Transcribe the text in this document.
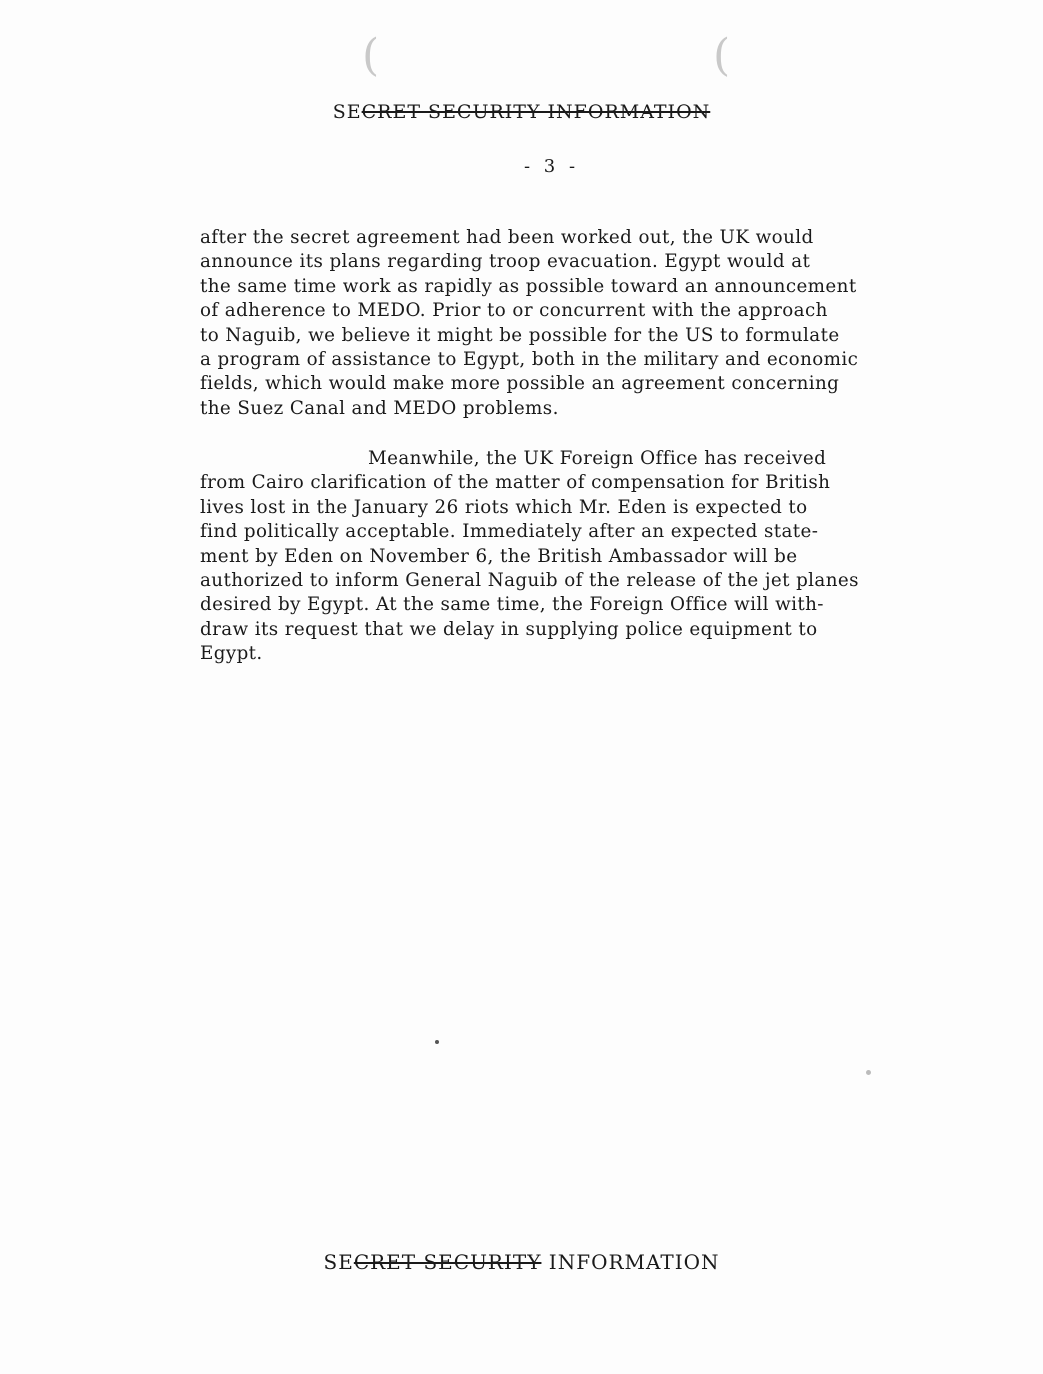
(	(
SECRET SECURITY INFORMATION
- 3 -
after the secret agreement had been worked out, the UK would
announce its plans regarding troop evacuation. Egypt would at
the same time work as rapidly as possible toward an announcement
of adherence to MEDO. Prior to or concurrent with the approach
to Naguib, we believe it might be possible for the US to formulate
a program of assistance to Egypt, both in the military and economic
fields, which would make more possible an agreement concerning
the Suez Canal and MEDO problems.
Meanwhile, the UK Foreign Office has received
from Cairo clarification of the matter of compensation for British
lives lost in the January 26 riots which Mr. Eden is expected to
find politically acceptable. Immediately after an expected state-
ment by Eden on November 6, the British Ambassador will be
authorized to inform General Naguib of the release of the jet planes
desired by Egypt. At the same time, the Foreign Office will with-
draw its request that we delay in supplying police equipment to
Egypt.
SECRET SECURITY INFORMATION
